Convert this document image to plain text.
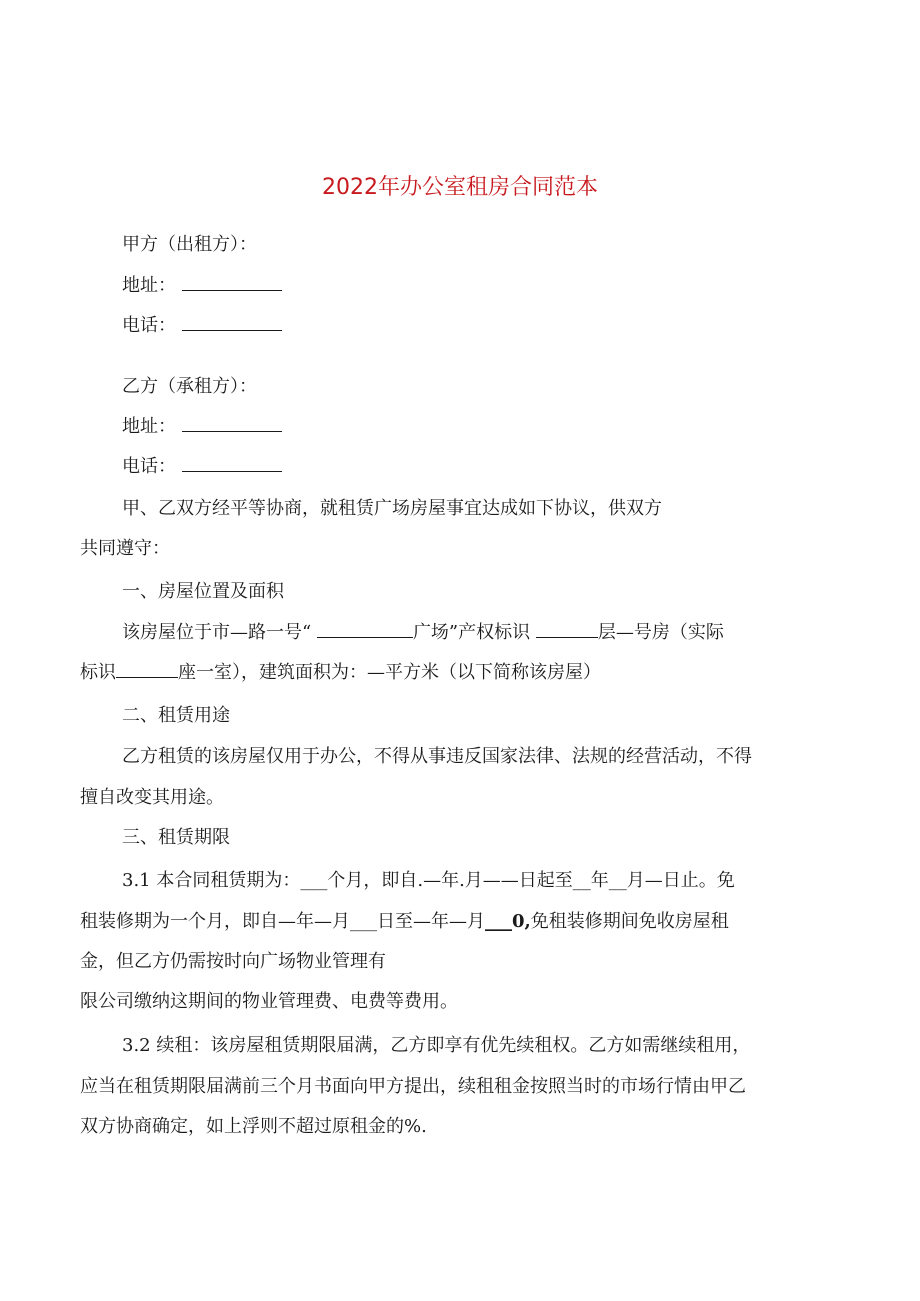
2022年办公室租房合同范本
甲方（出租方）：
地址：
电话：
乙方（承租方）：
地址：
电话：
甲、乙双方经平等协商，就租赁广场房屋事宜达成如下协议，供双方
共同遵守：
一、房屋位置及面积
该房屋位于市—路一号“	广场”产权标识	层—号房（实际
标识	座一室），建筑面积为：—平方米（以下简称该房屋）
二、租赁用途
乙方租赁的该房屋仅用于办公，不得从事违反国家法律、法规的经营活动，不得
擅自改变其用途。
三、租赁期限
3.1 本合同租赁期为：___个月，即自.—年.月——日起至__年__月—日止。免
租装修期为一个月，即自—年—月___日至—年—月___0,免租装修期间免收房屋租
金，但乙方仍需按时向广场物业管理有
限公司缴纳这期间的物业管理费、电费等费用。
3.2 续租：该房屋租赁期限届满，乙方即享有优先续租权。乙方如需继续租用，
应当在租赁期限届满前三个月书面向甲方提出，续租租金按照当时的市场行情由甲乙
双方协商确定，如上浮则不超过原租金的%.
